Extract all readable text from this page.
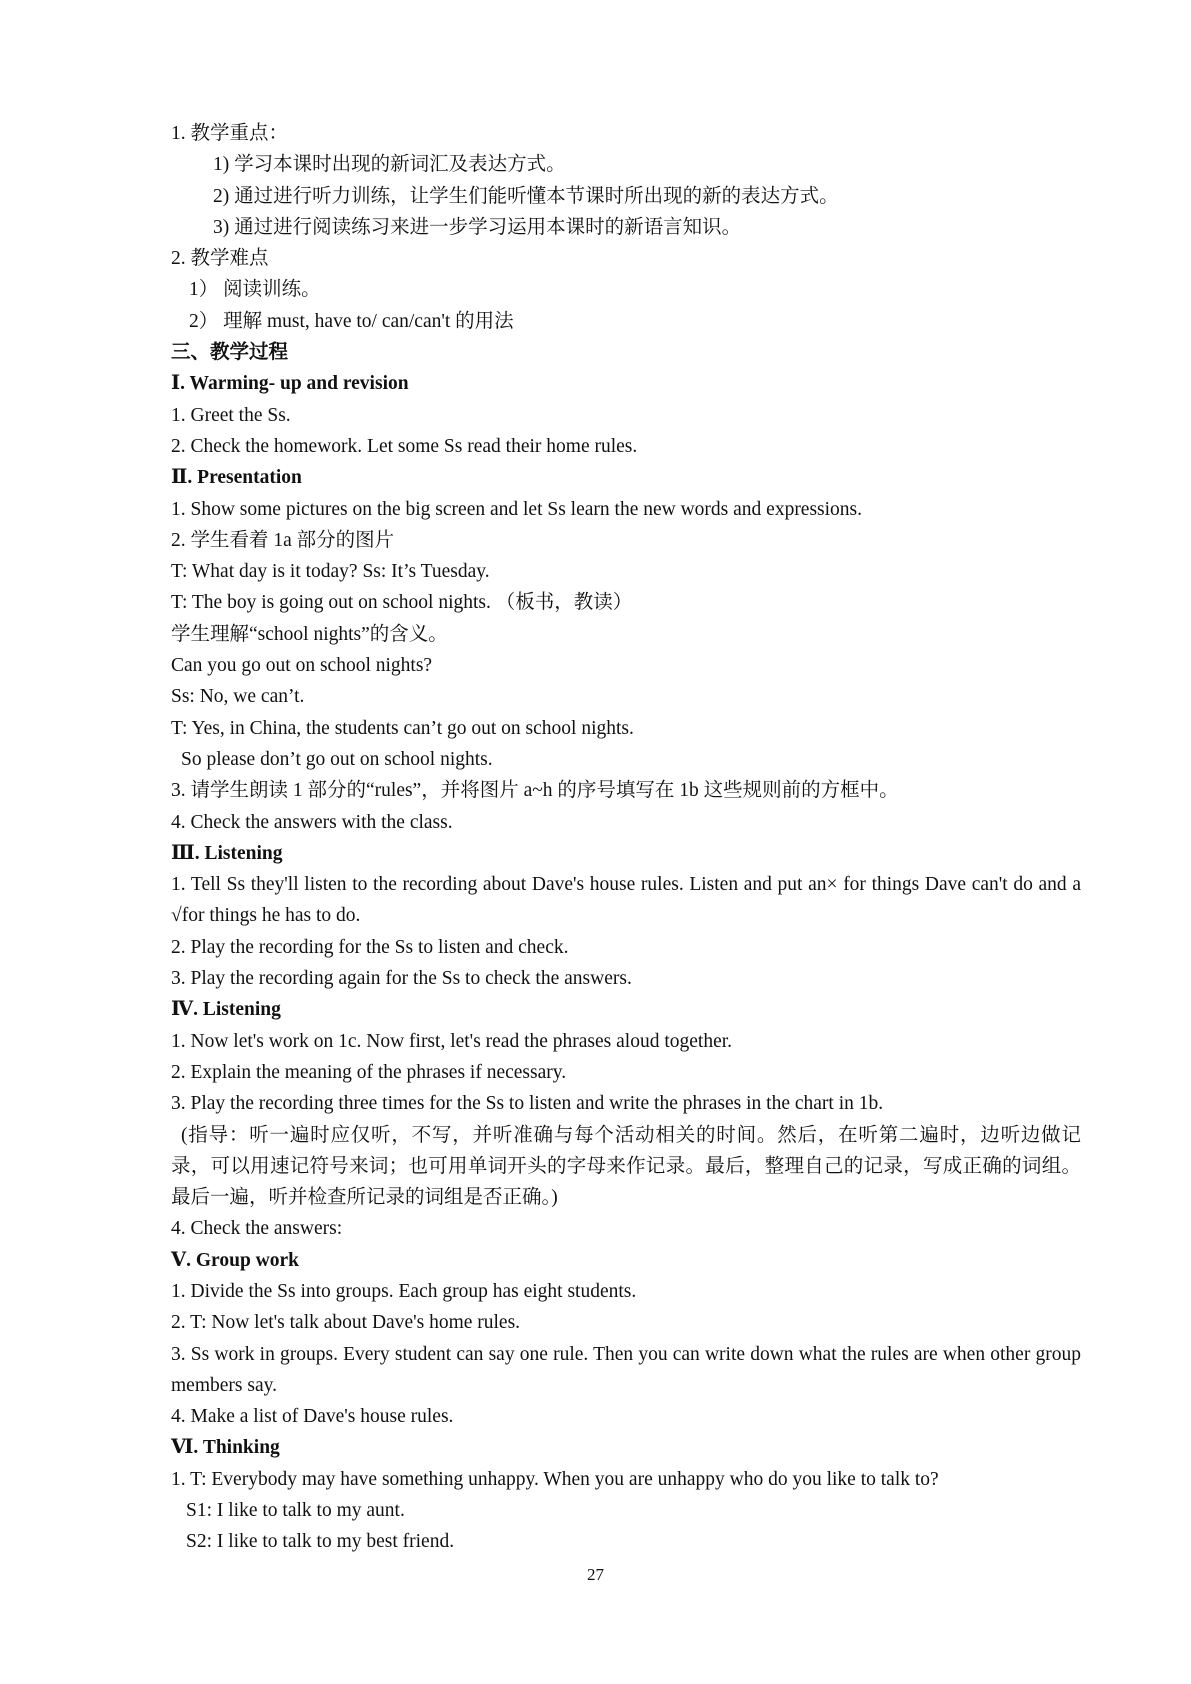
1. 教学重点：
1) 学习本课时出现的新词汇及表达方式。
2) 通过进行听力训练，让学生们能听懂本节课时所出现的新的表达方式。
3) 通过进行阅读练习来进一步学习运用本课时的新语言知识。
2. 教学难点
1） 阅读训练。
2） 理解 must, have to/ can/can't 的用法
三、教学过程
Ⅰ. Warming- up and revision
1. Greet the Ss.
2. Check the homework. Let some Ss read their home rules.
Ⅱ. Presentation
1. Show some pictures on the big screen and let Ss learn the new words and expressions.
2. 学生看着 1a 部分的图片
T: What day is it today? Ss: It’s Tuesday.
T: The boy is going out on school nights. （板书，教读）
学生理解“school nights”的含义。
Can you go out on school nights?
Ss: No, we can’t.
T: Yes, in China, the students can’t go out on school nights.
So please don’t go out on school nights.
3. 请学生朗读 1 部分的“rules”，并将图片 a~h 的序号填写在 1b 这些规则前的方框中。
4. Check the answers with the class.
Ⅲ. Listening
1. Tell Ss they'll listen to the recording about Dave's house rules. Listen and put an× for things Dave can't do and a √for things he has to do.
2. Play the recording for the Ss to listen and check.
3. Play the recording again for the Ss to check the answers.
Ⅳ. Listening
1. Now let's work on 1c. Now first, let's read the phrases aloud together.
2. Explain the meaning of the phrases if necessary.
3. Play the recording three times for the Ss to listen and write the phrases in the chart in 1b.
(指导：听一遍时应仅听，不写，并听准确与每个活动相关的时间。然后，在听第二遍时，边听边做记录，可以用速记符号来词；也可用单词开头的字母来作记录。最后，整理自己的记录，写成正确的词组。最后一遍，听并检查所记录的词组是否正确。)
4. Check the answers:
Ⅴ. Group work
1. Divide the Ss into groups. Each group has eight students.
2. T: Now let's talk about Dave's home rules.
3. Ss work in groups. Every student can say one rule. Then you can write down what the rules are when other group members say.
4. Make a list of Dave's house rules.
Ⅵ. Thinking
1. T: Everybody may have something unhappy. When you are unhappy who do you like to talk to?
S1: I like to talk to my aunt.
S2: I like to talk to my best friend.
27
